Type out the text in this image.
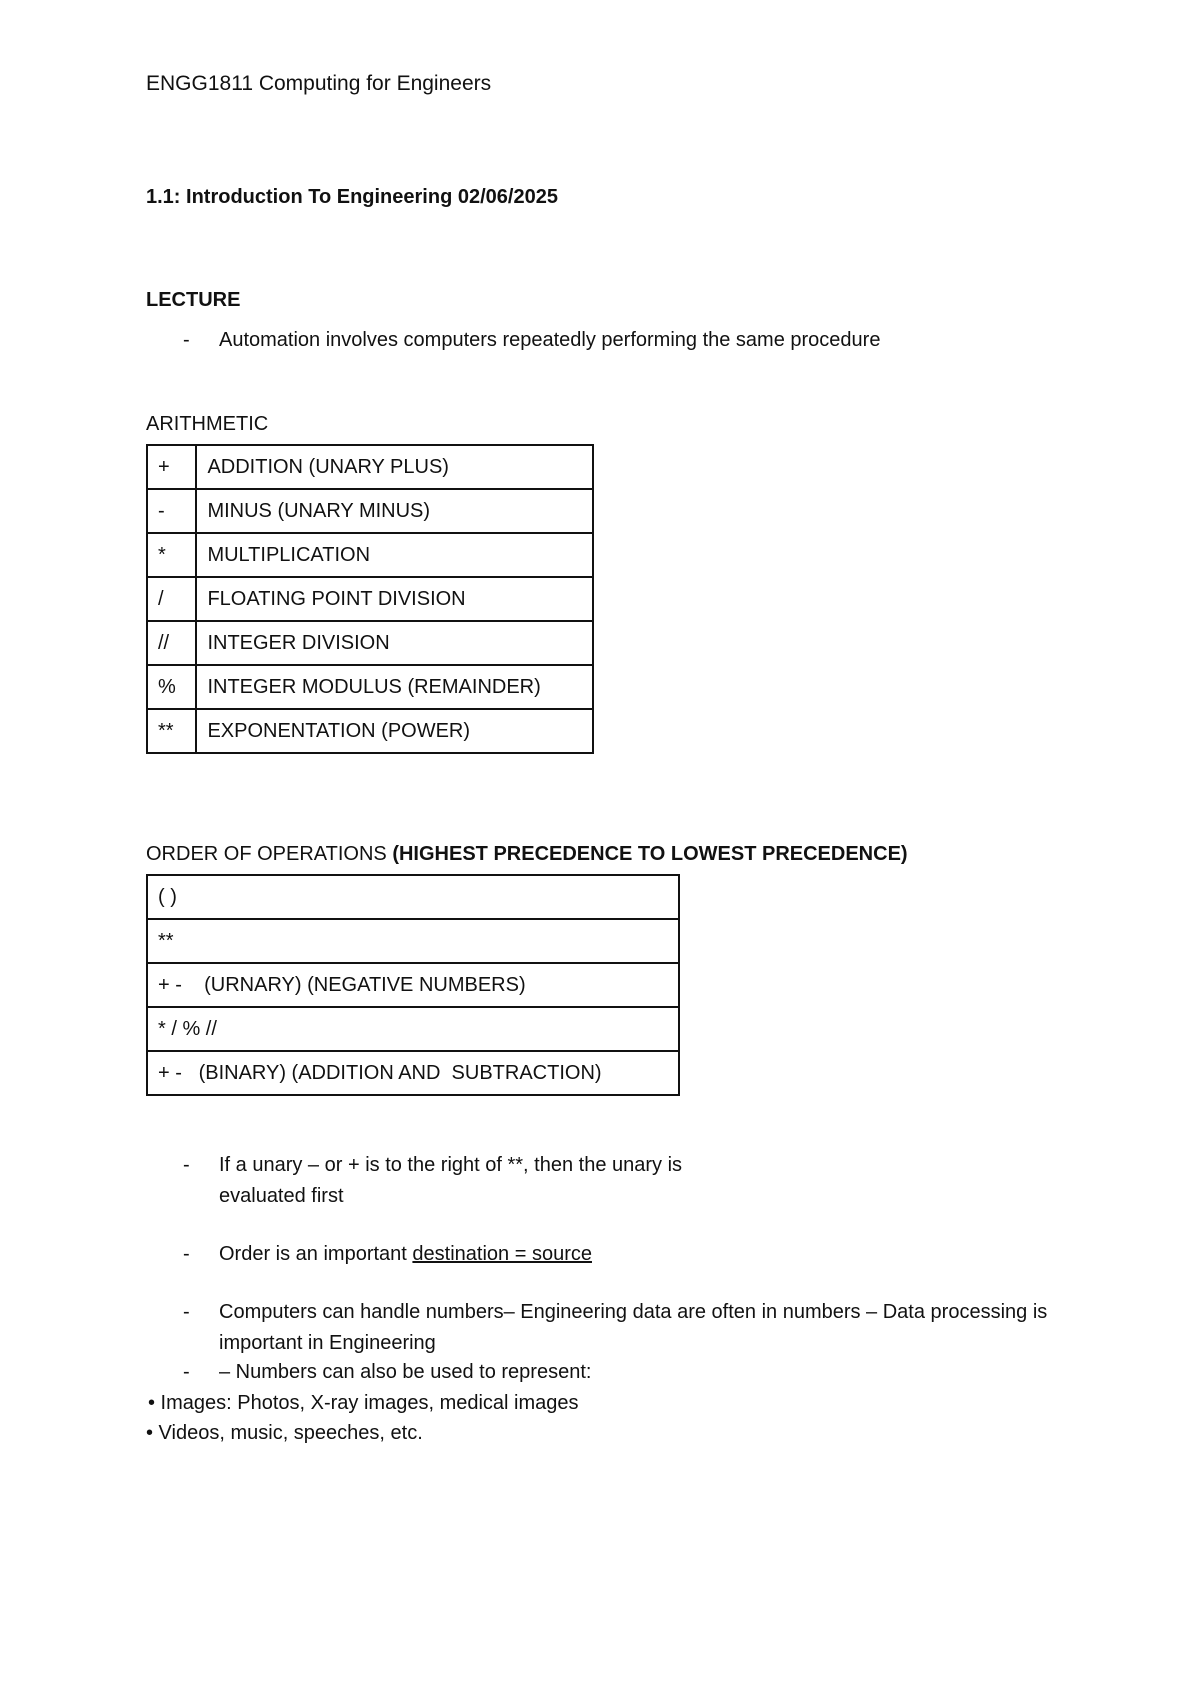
ENGG1811 Computing for Engineers
1.1: Introduction To Engineering 02/06/2025
LECTURE
- Automation involves computers repeatedly performing the same procedure
ARITHMETIC
+	ADDITION (UNARY PLUS)
-	MINUS (UNARY MINUS)
*	MULTIPLICATION
/	FLOATING POINT DIVISION
//	INTEGER DIVISION
%	INTEGER MODULUS (REMAINDER)
**	EXPONENTATION (POWER)
ORDER OF OPERATIONS (HIGHEST PRECEDENCE TO LOWEST PRECEDENCE)
( )
**
+ -    (URNARY) (NEGATIVE NUMBERS)
* / % //
+ -   (BINARY) (ADDITION AND  SUBTRACTION)
- If a unary – or + is to the right of **, then the unary is evaluated first
- Order is an important destination = source
- Computers can handle numbers– Engineering data are often in numbers – Data processing is important in Engineering
- – Numbers can also be used to represent:
• Images: Photos, X-ray images, medical images
• Videos, music, speeches, etc.
